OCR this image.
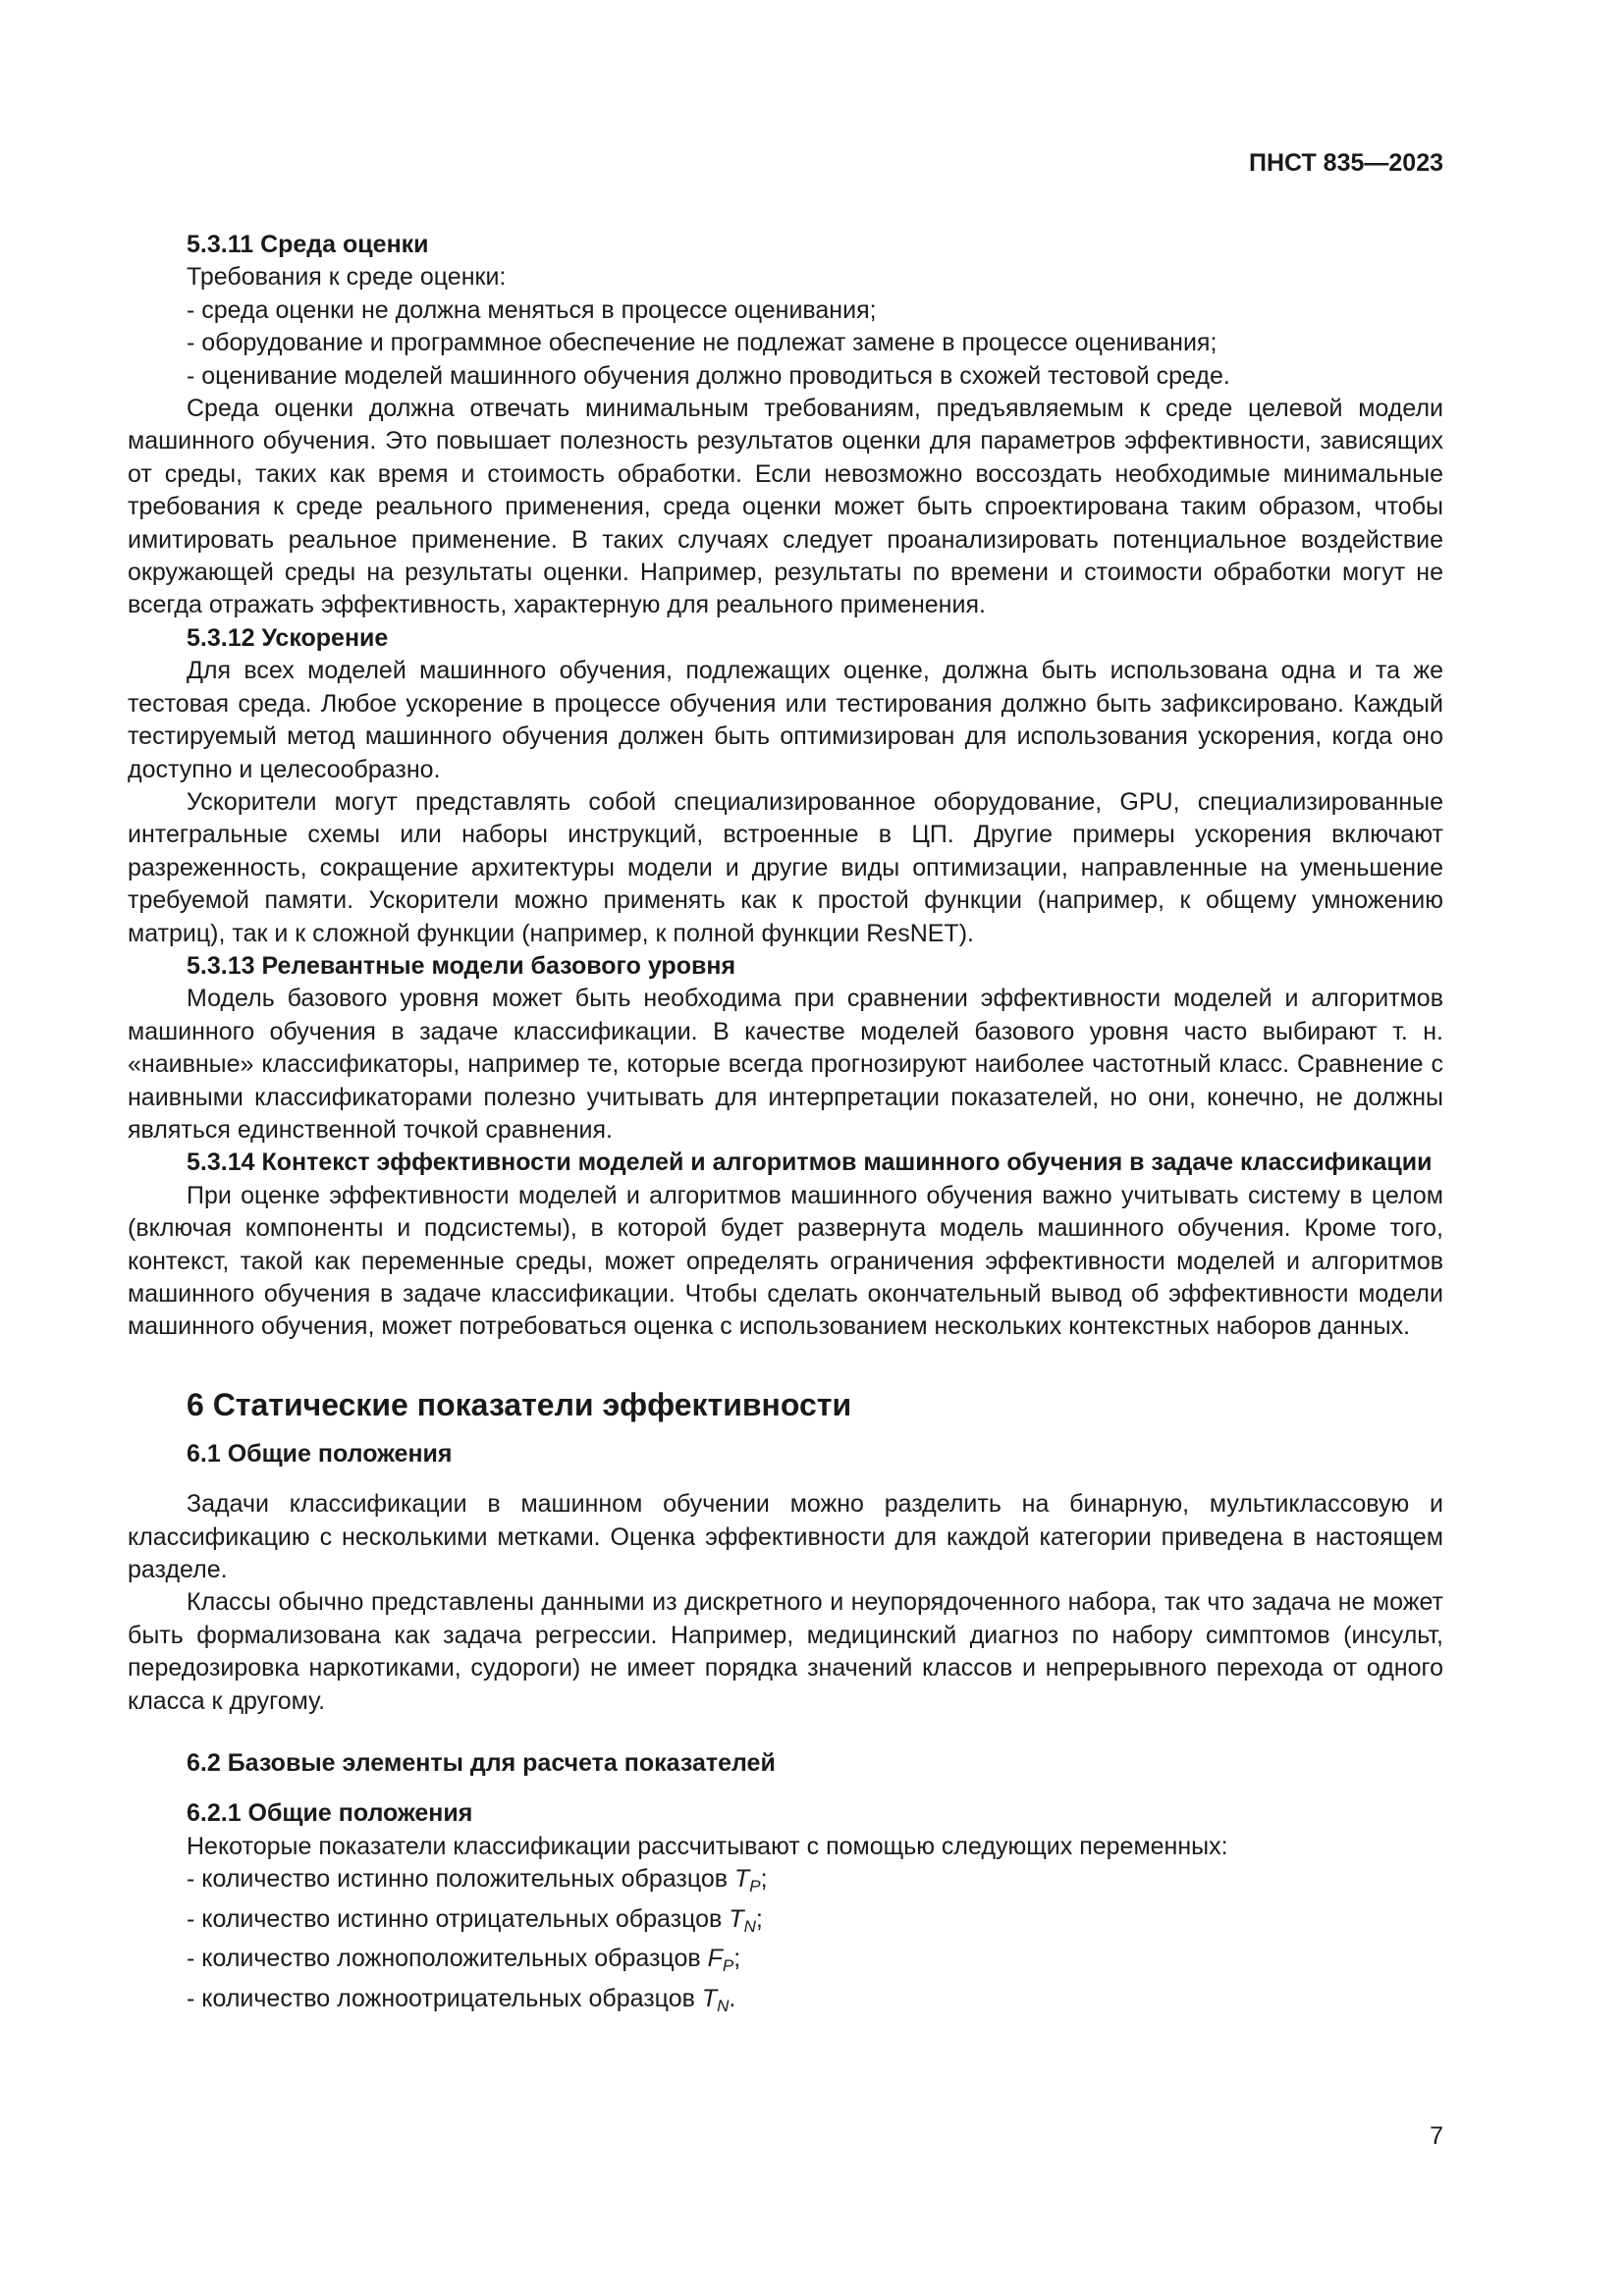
ПНСТ 835—2023

5.3.11 Среда оценки

Требования к среде оценки:

- среда оценки не должна меняться в процессе оценивания;

- оборудование и программное обеспечение не подлежат замене в процессе оценивания;

- оценивание моделей машинного обучения должно проводиться в схожей тестовой среде.

Среда оценки должна отвечать минимальным требованиям, предъявляемым к среде целевой модели машинного обучения. Это повышает полезность результатов оценки для параметров эффективности, зависящих от среды, таких как время и стоимость обработки. Если невозможно воссоздать необходимые минимальные требования к среде реального применения, среда оценки может быть спроектирована таким образом, чтобы имитировать реальное применение. В таких случаях следует проанализировать потенциальное воздействие окружающей среды на результаты оценки. Например, результаты по времени и стоимости обработки могут не всегда отражать эффективность, характерную для реального применения.

5.3.12 Ускорение

Для всех моделей машинного обучения, подлежащих оценке, должна быть использована одна и та же тестовая среда. Любое ускорение в процессе обучения или тестирования должно быть зафиксировано. Каждый тестируемый метод машинного обучения должен быть оптимизирован для использования ускорения, когда оно доступно и целесообразно.

Ускорители могут представлять собой специализированное оборудование, GPU, специализированные интегральные схемы или наборы инструкций, встроенные в ЦП. Другие примеры ускорения включают разреженность, сокращение архитектуры модели и другие виды оптимизации, направленные на уменьшение требуемой памяти. Ускорители можно применять как к простой функции (например, к общему умножению матриц), так и к сложной функции (например, к полной функции ResNET).

5.3.13 Релевантные модели базового уровня

Модель базового уровня может быть необходима при сравнении эффективности моделей и алгоритмов машинного обучения в задаче классификации. В качестве моделей базового уровня часто выбирают т. н. «наивные» классификаторы, например те, которые всегда прогнозируют наиболее частотный класс. Сравнение с наивными классификаторами полезно учитывать для интерпретации показателей, но они, конечно, не должны являться единственной точкой сравнения.

5.3.14 Контекст эффективности моделей и алгоритмов машинного обучения в задаче классификации

При оценке эффективности моделей и алгоритмов машинного обучения важно учитывать систему в целом (включая компоненты и подсистемы), в которой будет развернута модель машинного обучения. Кроме того, контекст, такой как переменные среды, может определять ограничения эффективности моделей и алгоритмов машинного обучения в задаче классификации. Чтобы сделать окончательный вывод об эффективности модели машинного обучения, может потребоваться оценка с использованием нескольких контекстных наборов данных.

6 Статические показатели эффективности

6.1 Общие положения

Задачи классификации в машинном обучении можно разделить на бинарную, мультиклассовую и классификацию с несколькими метками. Оценка эффективности для каждой категории приведена в настоящем разделе.

Классы обычно представлены данными из дискретного и неупорядоченного набора, так что задача не может быть формализована как задача регрессии. Например, медицинский диагноз по набору симптомов (инсульт, передозировка наркотиками, судороги) не имеет порядка значений классов и непрерывного перехода от одного класса к другому.

6.2 Базовые элементы для расчета показателей

6.2.1 Общие положения

Некоторые показатели классификации рассчитывают с помощью следующих переменных:

- количество истинно положительных образцов $T_P$;

- количество истинно отрицательных образцов $T_N$;

- количество ложноположительных образцов $F_P$;

- количество ложноотрицательных образцов $T_N$.

7
